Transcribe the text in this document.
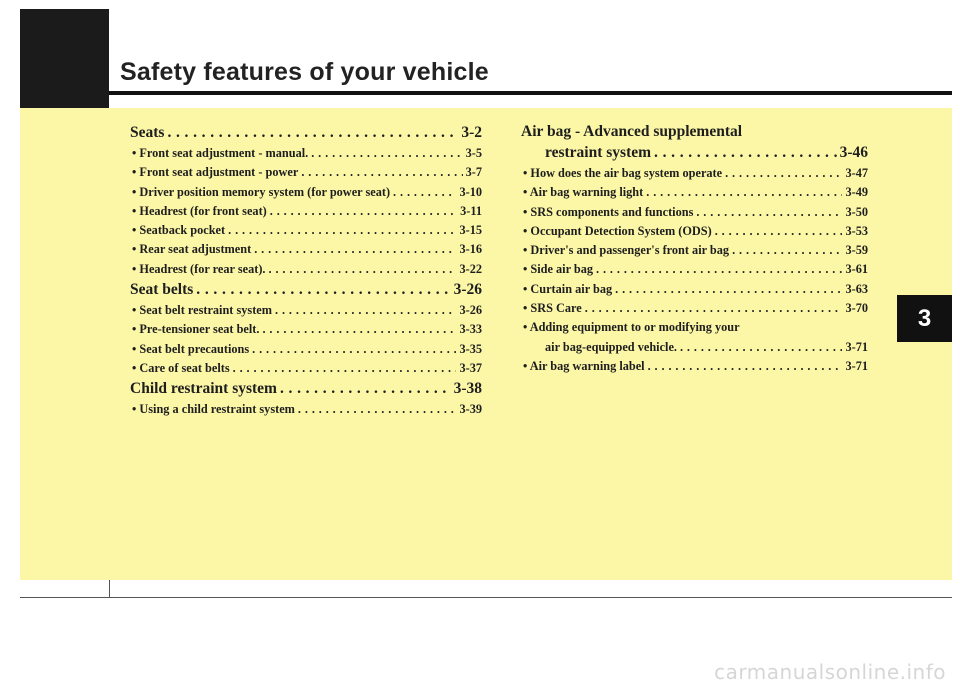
Safety features of your vehicle
3
carmanualsonline.info
Seats . . .	3-2
• Front seat adjustment - manual. . . .	3-5
• Front seat adjustment - power . . .	3-7
• Driver position memory system (for power seat) . . .	3-10
• Headrest (for front seat) . . .	3-11
• Seatback pocket . . .	3-15
• Rear seat adjustment . . .	3-16
• Headrest (for rear seat). . . .	3-22
Seat belts . . .	3-26
• Seat belt restraint system . . .	3-26
• Pre-tensioner seat belt. . . .	3-33
• Seat belt precautions . . .	3-35
• Care of seat belts . . .	3-37
Child restraint system . . .	3-38
• Using a child restraint system . . .	3-39
Air bag - Advanced supplemental
restraint system . . .	3-46
• How does the air bag system operate . . .	3-47
• Air bag warning light . . .	3-49
• SRS components and functions . . .	3-50
• Occupant Detection System (ODS) . . .	3-53
• Driver's and passenger's front air bag . . .	3-59
• Side air bag . . .	3-61
• Curtain air bag . . .	3-63
• SRS Care . . .	3-70
• Adding equipment to or modifying your
air bag-equipped vehicle. . . .	3-71
• Air bag warning label . . .	3-71
